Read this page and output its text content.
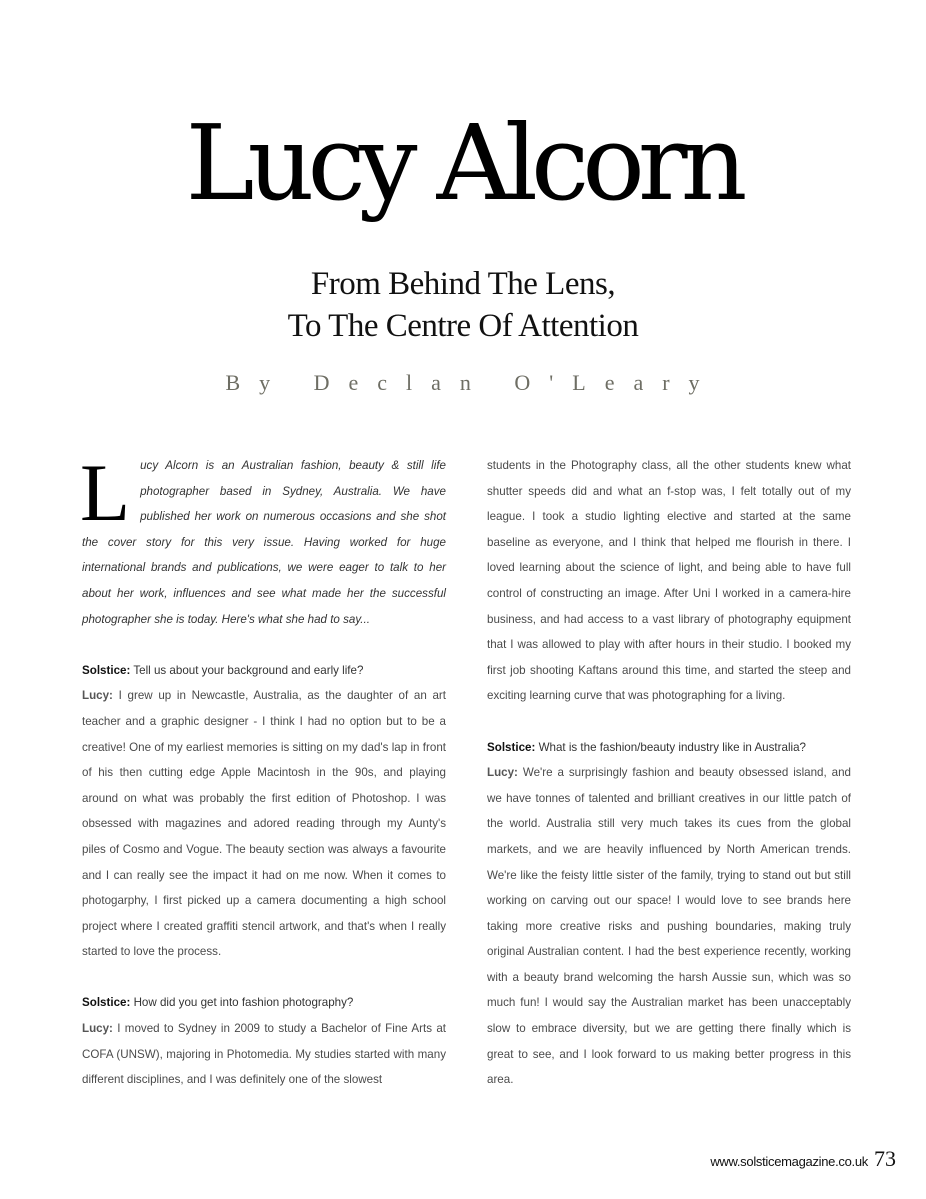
Lucy Alcorn
From Behind The Lens,
To The Centre Of Attention
By Declan O'Leary

Lucy Alcorn is an Australian fashion, beauty & still life photographer based in Sydney, Australia. We have published her work on numerous occasions and she shot the cover story for this very issue. Having worked for huge international brands and publications, we were eager to talk to her about her work, influences and see what made her the successful photographer she is today. Here's what she had to say...

Solstice: Tell us about your background and early life?

Lucy: I grew up in Newcastle, Australia, as the daughter of an art teacher and a graphic designer - I think I had no option but to be a creative! One of my earliest memories is sitting on my dad's lap in front of his then cutting edge Apple Macintosh in the 90s, and playing around on what was probably the first edition of Photoshop. I was obsessed with magazines and adored reading through my Aunty's piles of Cosmo and Vogue. The beauty section was always a favourite and I can really see the impact it had on me now. When it comes to photogarphy, I first picked up a camera documenting a high school project where I created graffiti stencil artwork, and that's when I really started to love the process.

Solstice: How did you get into fashion photography?

Lucy: I moved to Sydney in 2009 to study a Bachelor of Fine Arts at COFA (UNSW), majoring in Photomedia. My studies started with many different disciplines, and I was definitely one of the slowest

students in the Photography class, all the other students knew what shutter speeds did and what an f-stop was, I felt totally out of my league. I took a studio lighting elective and started at the same baseline as everyone, and I think that helped me flourish in there. I loved learning about the science of light, and being able to have full control of constructing an image. After Uni I worked in a camera-hire business, and had access to a vast library of photography equipment that I was allowed to play with after hours in their studio. I booked my first job shooting Kaftans around this time, and started the steep and exciting learning curve that was photographing for a living.

Solstice: What is the fashion/beauty industry like in Australia?

Lucy: We're a surprisingly fashion and beauty obsessed island, and we have tonnes of talented and brilliant creatives in our little patch of the world. Australia still very much takes its cues from the global markets, and we are heavily influenced by North American trends. We're like the feisty little sister of the family, trying to stand out but still working on carving out our space! I would love to see brands here taking more creative risks and pushing boundaries, making truly original Australian content. I had the best experience recently, working with a beauty brand welcoming the harsh Aussie sun, which was so much fun! I would say the Australian market has been unacceptably slow to embrace diversity, but we are getting there finally which is great to see, and I look forward to us making better progress in this area.

www.solsticemagazine.co.uk 73
